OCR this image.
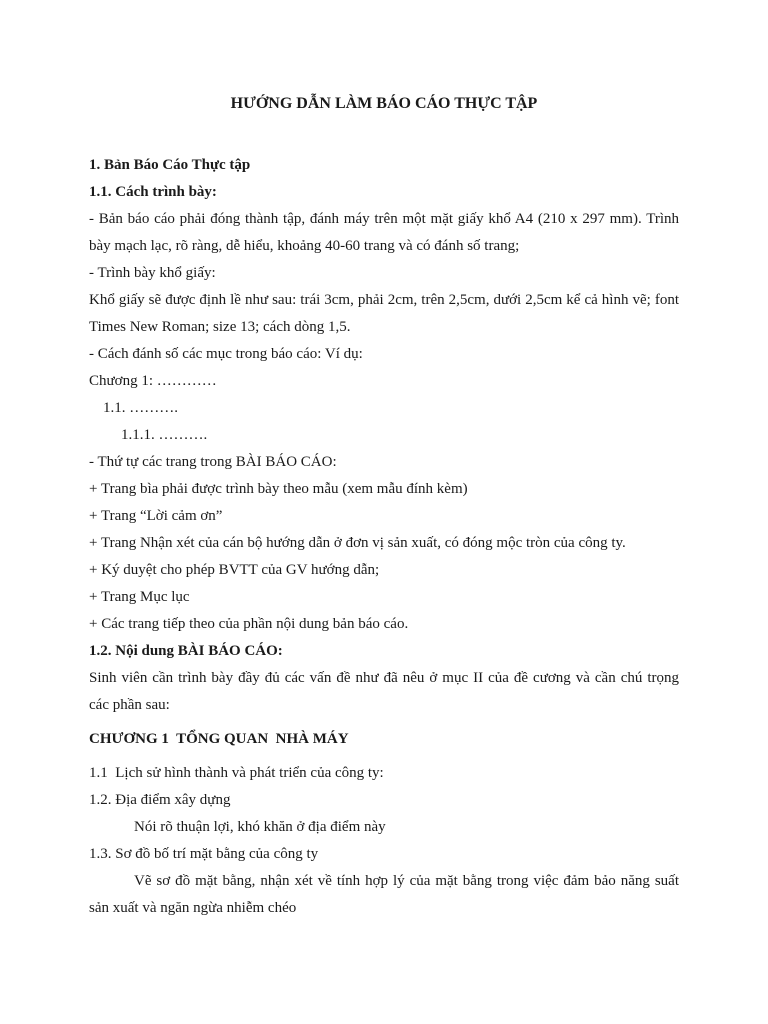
HƯỚNG DẪN LÀM BÁO CÁO THỰC TẬP
1. Bản Báo Cáo Thực tập
1.1. Cách trình bày:
- Bản báo cáo phải đóng thành tập, đánh máy trên một mặt giấy khổ A4 (210 x 297 mm). Trình
bày mạch lạc, rõ ràng, dễ hiểu, khoảng 40-60 trang và có đánh số trang;
- Trình bày khổ giấy:
Khổ giấy sẽ được định lề như sau: trái 3cm, phải 2cm, trên 2,5cm, dưới 2,5cm kể cả hình vẽ; font
Times New Roman; size 13; cách dòng 1,5.
- Cách đánh số các mục trong báo cáo: Ví dụ:
Chương 1: …………
1.1. ……….
1.1.1. ……….
- Thứ tự các trang trong BÀI BÁO CÁO:
+ Trang bìa phải được trình bày theo mẫu (xem mẫu đính kèm)
+ Trang “Lời cảm ơn”
+ Trang Nhận xét của cán bộ hướng dẫn ở đơn vị sản xuất, có đóng mộc tròn của công ty.
+ Ký duyệt cho phép BVTT của GV hướng dẫn;
+ Trang Mục lục
+ Các trang tiếp theo của phần nội dung bản báo cáo.
1.2. Nội dung BÀI BÁO CÁO:
Sinh viên cần trình bày đầy đủ các vấn đề như đã nêu ở mục II của đề cương và cần chú trọng
các phần sau:
CHƯƠNG 1  TỔNG QUAN  NHÀ MÁY
1.1  Lịch sử hình thành và phát triển của công ty:
1.2. Địa điểm xây dựng
Nói rõ thuận lợi, khó khăn ở địa điểm này
1.3. Sơ đồ bố trí mặt bằng của công ty
Vẽ sơ đồ mặt bằng, nhận xét về tính hợp lý của mặt bằng trong việc đảm bảo năng suất
sản xuất và ngăn ngừa nhiễm chéo
